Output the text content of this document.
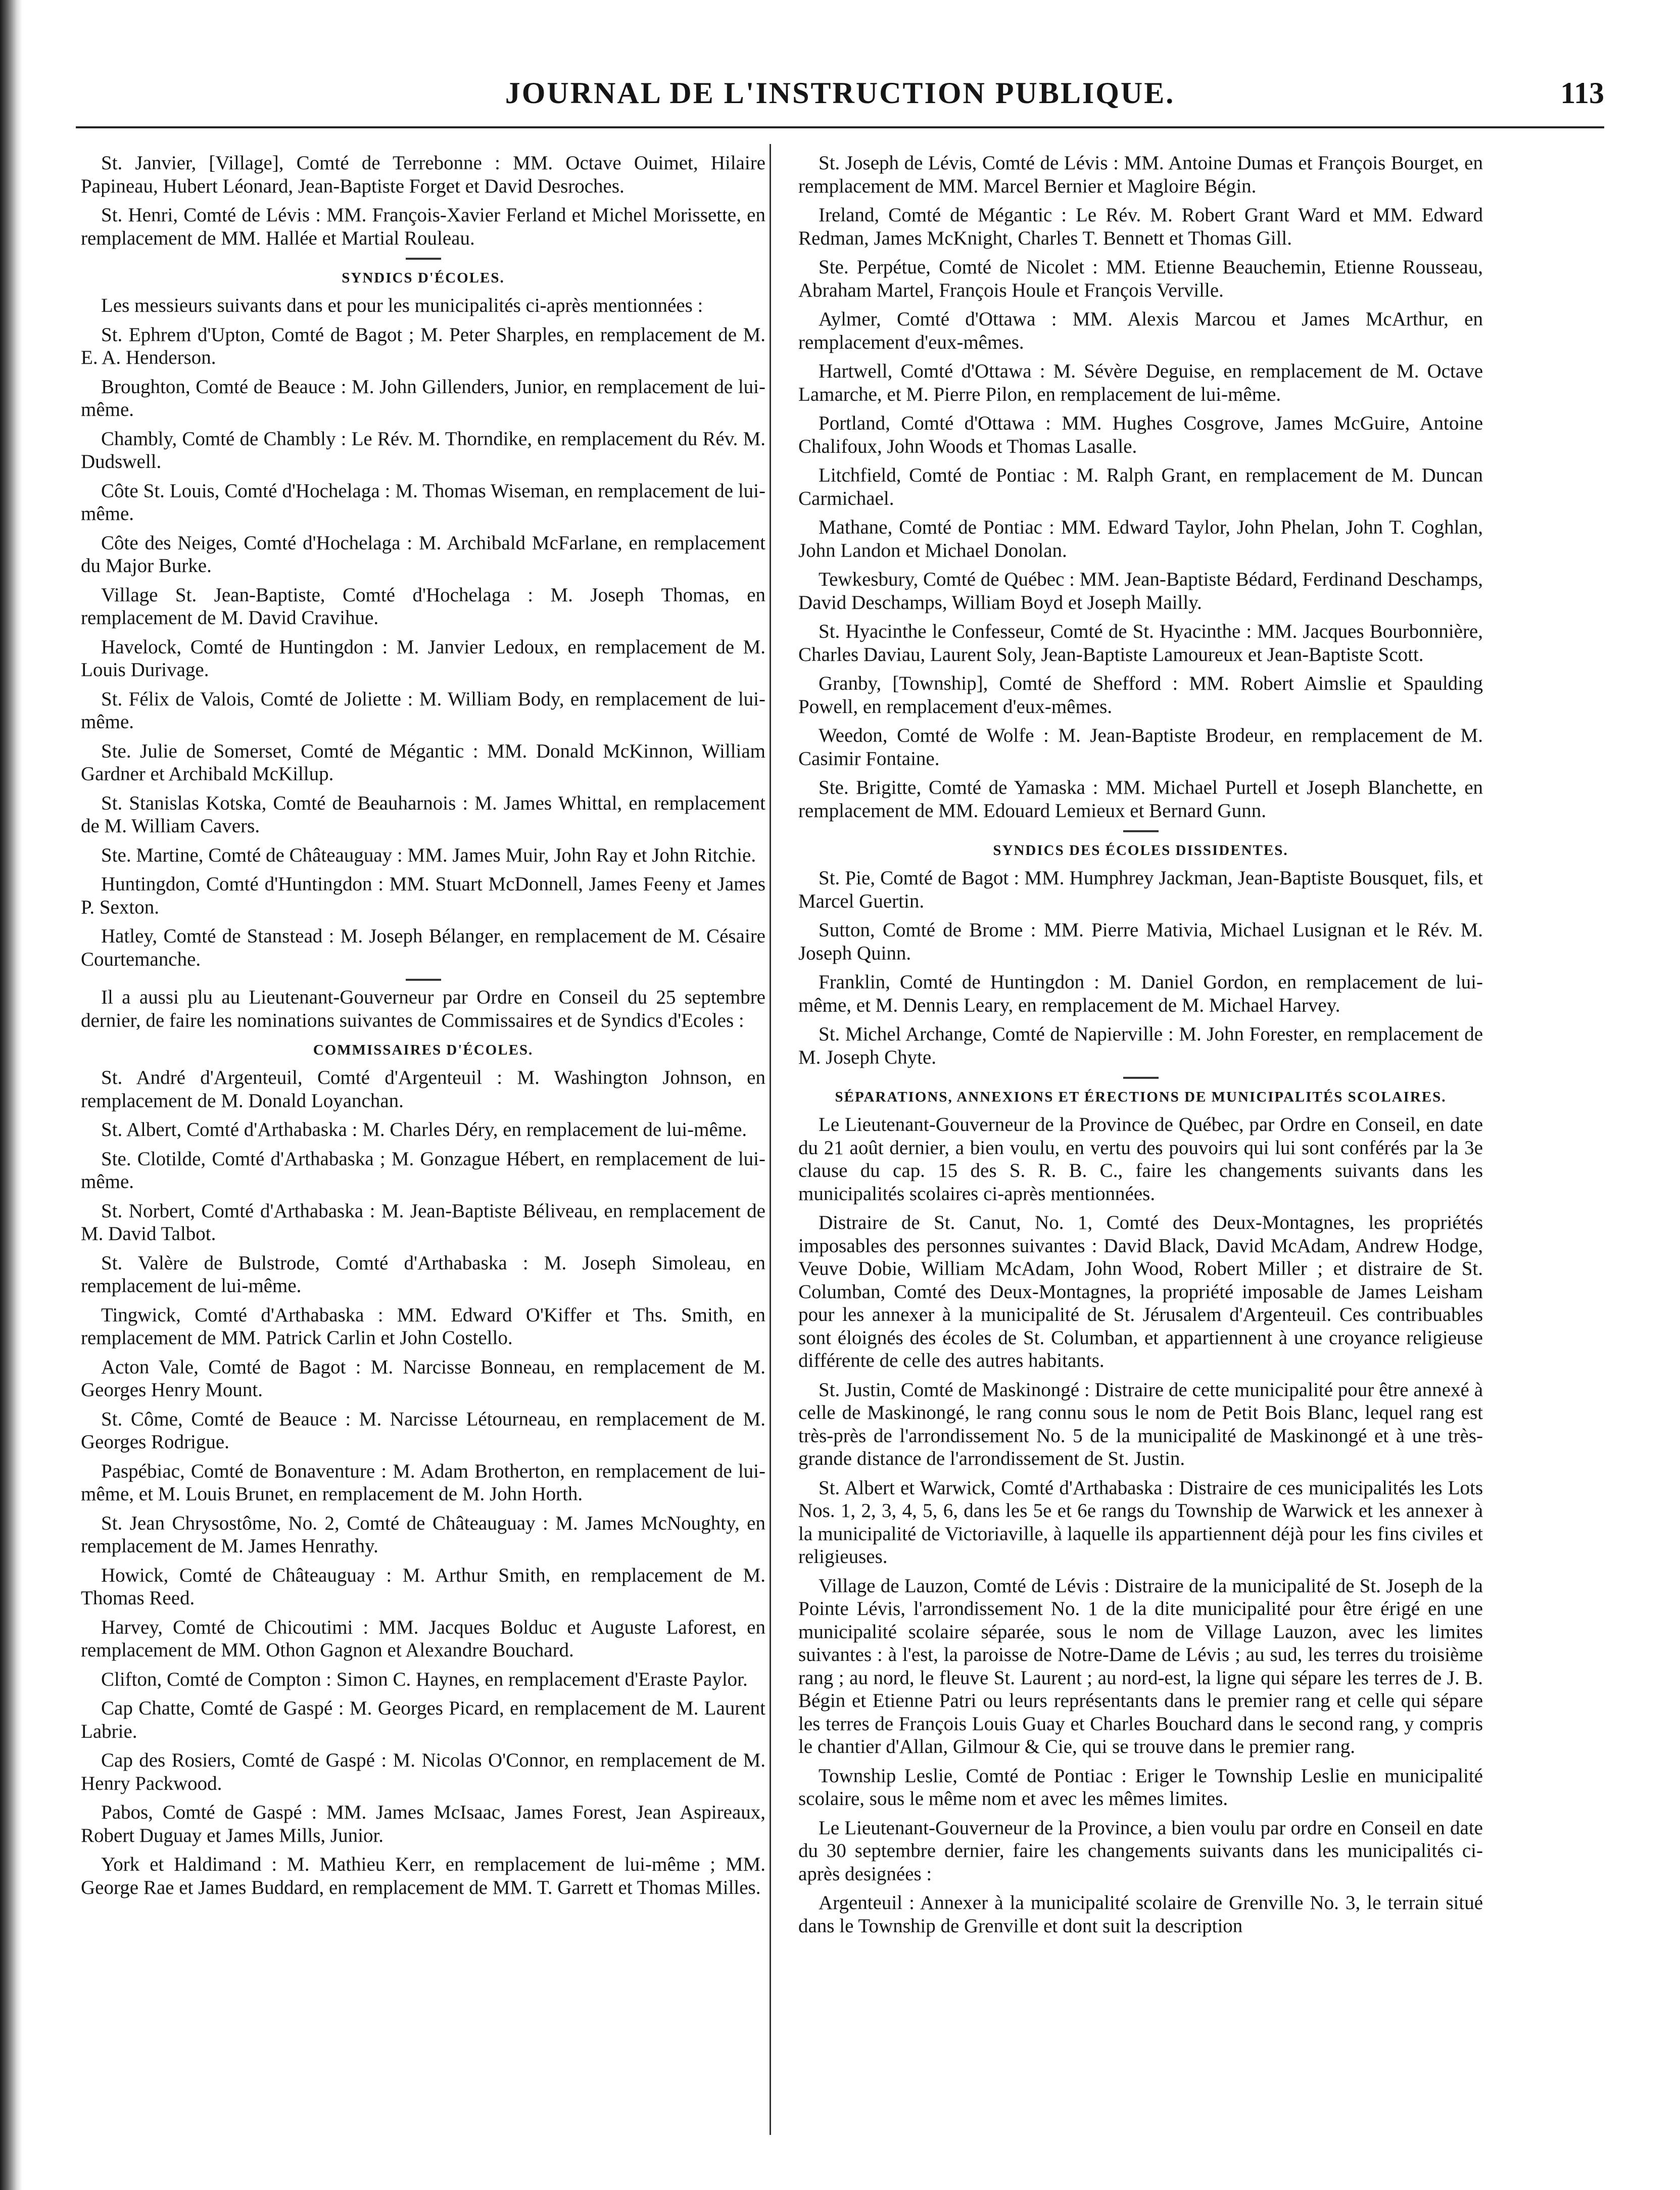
JOURNAL DE L'INSTRUCTION PUBLIQUE.	113

St. Janvier, [Village], Comté de Terrebonne : MM. Octave Ouimet, Hilaire Papineau, Hubert Léonard, Jean-Baptiste Forget et David Desroches.

St. Henri, Comté de Lévis : MM. François-Xavier Ferland et Michel Morissette, en remplacement de MM. Hallée et Martial Rouleau.

SYNDICS D'ÉCOLES.

Les messieurs suivants dans et pour les municipalités ci-après mentionnées :

St. Ephrem d'Upton, Comté de Bagot ; M. Peter Sharples, en remplacement de M. E. A. Henderson.

Broughton, Comté de Beauce : M. John Gillenders, Junior, en remplacement de lui-même.

Chambly, Comté de Chambly : Le Rév. M. Thorndike, en remplacement du Rév. M. Dudswell.

Côte St. Louis, Comté d'Hochelaga : M. Thomas Wiseman, en remplacement de lui-même.

Côte des Neiges, Comté d'Hochelaga : M. Archibald McFarlane, en remplacement du Major Burke.

Village St. Jean-Baptiste, Comté d'Hochelaga : M. Joseph Thomas, en remplacement de M. David Cravihue.

Havelock, Comté de Huntingdon : M. Janvier Ledoux, en remplacement de M. Louis Durivage.

St. Félix de Valois, Comté de Joliette : M. William Body, en remplacement de lui-même.

Ste. Julie de Somerset, Comté de Mégantic : MM. Donald McKinnon, William Gardner et Archibald McKillup.

St. Stanislas Kotska, Comté de Beauharnois : M. James Whittal, en remplacement de M. William Cavers.

Ste. Martine, Comté de Châteauguay : MM. James Muir, John Ray et John Ritchie.

Huntingdon, Comté d'Huntingdon : MM. Stuart McDonnell, James Feeny et James P. Sexton.

Hatley, Comté de Stanstead : M. Joseph Bélanger, en remplacement de M. Césaire Courtemanche.

Il a aussi plu au Lieutenant-Gouverneur par Ordre en Conseil du 25 septembre dernier, de faire les nominations suivantes de Commissaires et de Syndics d'Ecoles :

COMMISSAIRES D'ÉCOLES.

St. André d'Argenteuil, Comté d'Argenteuil : M. Washington Johnson, en remplacement de M. Donald Loyanchan.

St. Albert, Comté d'Arthabaska : M. Charles Déry, en remplacement de lui-même.

Ste. Clotilde, Comté d'Arthabaska ; M. Gonzague Hébert, en remplacement de lui-même.

St. Norbert, Comté d'Arthabaska : M. Jean-Baptiste Béliveau, en remplacement de M. David Talbot.

St. Valère de Bulstrode, Comté d'Arthabaska : M. Joseph Simoleau, en remplacement de lui-même.

Tingwick, Comté d'Arthabaska : MM. Edward O'Kiffer et Ths. Smith, en remplacement de MM. Patrick Carlin et John Costello.

Acton Vale, Comté de Bagot : M. Narcisse Bonneau, en remplacement de M. Georges Henry Mount.

St. Côme, Comté de Beauce : M. Narcisse Létourneau, en remplacement de M. Georges Rodrigue.

Paspébiac, Comté de Bonaventure : M. Adam Brotherton, en remplacement de lui-même, et M. Louis Brunet, en remplacement de M. John Horth.

St. Jean Chrysostôme, No. 2, Comté de Châteauguay : M. James McNoughty, en remplacement de M. James Henrathy.

Howick, Comté de Châteauguay : M. Arthur Smith, en remplacement de M. Thomas Reed.

Harvey, Comté de Chicoutimi : MM. Jacques Bolduc et Auguste Laforest, en remplacement de MM. Othon Gagnon et Alexandre Bouchard.

Clifton, Comté de Compton : Simon C. Haynes, en remplacement d'Eraste Paylor.

Cap Chatte, Comté de Gaspé : M. Georges Picard, en remplacement de M. Laurent Labrie.

Cap des Rosiers, Comté de Gaspé : M. Nicolas O'Connor, en remplacement de M. Henry Packwood.

Pabos, Comté de Gaspé : MM. James McIsaac, James Forest, Jean Aspireaux, Robert Duguay et James Mills, Junior.

York et Haldimand : M. Mathieu Kerr, en remplacement de lui-même ; MM. George Rae et James Buddard, en remplacement de MM. T. Garrett et Thomas Milles.

St. Joseph de Lévis, Comté de Lévis : MM. Antoine Dumas et François Bourget, en remplacement de MM. Marcel Bernier et Magloire Bégin.

Ireland, Comté de Mégantic : Le Rév. M. Robert Grant Ward et MM. Edward Redman, James McKnight, Charles T. Bennett et Thomas Gill.

Ste. Perpétue, Comté de Nicolet : MM. Etienne Beauchemin, Etienne Rousseau, Abraham Martel, François Houle et François Verville.

Aylmer, Comté d'Ottawa : MM. Alexis Marcou et James McArthur, en remplacement d'eux-mêmes.

Hartwell, Comté d'Ottawa : M. Sévère Deguise, en remplacement de M. Octave Lamarche, et M. Pierre Pilon, en remplacement de lui-même.

Portland, Comté d'Ottawa : MM. Hughes Cosgrove, James McGuire, Antoine Chalifoux, John Woods et Thomas Lasalle.

Litchfield, Comté de Pontiac : M. Ralph Grant, en remplacement de M. Duncan Carmichael.

Mathane, Comté de Pontiac : MM. Edward Taylor, John Phelan, John T. Coghlan, John Landon et Michael Donolan.

Tewkesbury, Comté de Québec : MM. Jean-Baptiste Bédard, Ferdinand Deschamps, David Deschamps, William Boyd et Joseph Mailly.

St. Hyacinthe le Confesseur, Comté de St. Hyacinthe : MM. Jacques Bourbonnière, Charles Daviau, Laurent Soly, Jean-Baptiste Lamoureux et Jean-Baptiste Scott.

Granby, [Township], Comté de Shefford : MM. Robert Aimslie et Spaulding Powell, en remplacement d'eux-mêmes.

Weedon, Comté de Wolfe : M. Jean-Baptiste Brodeur, en remplacement de M. Casimir Fontaine.

Ste. Brigitte, Comté de Yamaska : MM. Michael Purtell et Joseph Blanchette, en remplacement de MM. Edouard Lemieux et Bernard Gunn.

SYNDICS DES ÉCOLES DISSIDENTES.

St. Pie, Comté de Bagot : MM. Humphrey Jackman, Jean-Baptiste Bousquet, fils, et Marcel Guertin.

Sutton, Comté de Brome : MM. Pierre Mativia, Michael Lusignan et le Rév. M. Joseph Quinn.

Franklin, Comté de Huntingdon : M. Daniel Gordon, en remplacement de lui-même, et M. Dennis Leary, en remplacement de M. Michael Harvey.

St. Michel Archange, Comté de Napierville : M. John Forester, en remplacement de M. Joseph Chyte.

SÉPARATIONS, ANNEXIONS ET ÉRECTIONS DE MUNICIPALITÉS SCOLAIRES.

Le Lieutenant-Gouverneur de la Province de Québec, par Ordre en Conseil, en date du 21 août dernier, a bien voulu, en vertu des pouvoirs qui lui sont conférés par la 3e clause du cap. 15 des S. R. B. C., faire les changements suivants dans les municipalités scolaires ci-après mentionnées.

Distraire de St. Canut, No. 1, Comté des Deux-Montagnes, les propriétés imposables des personnes suivantes : David Black, David McAdam, Andrew Hodge, Veuve Dobie, William McAdam, John Wood, Robert Miller ; et distraire de St. Columban, Comté des Deux-Montagnes, la propriété imposable de James Leisham pour les annexer à la municipalité de St. Jérusalem d'Argenteuil. Ces contribuables sont éloignés des écoles de St. Columban, et appartiennent à une croyance religieuse différente de celle des autres habitants.

St. Justin, Comté de Maskinongé : Distraire de cette municipalité pour être annexé à celle de Maskinongé, le rang connu sous le nom de Petit Bois Blanc, lequel rang est très-près de l'arrondissement No. 5 de la municipalité de Maskinongé et à une très-grande distance de l'arrondissement de St. Justin.

St. Albert et Warwick, Comté d'Arthabaska : Distraire de ces municipalités les Lots Nos. 1, 2, 3, 4, 5, 6, dans les 5e et 6e rangs du Township de Warwick et les annexer à la municipalité de Victoriaville, à laquelle ils appartiennent déjà pour les fins civiles et religieuses.

Village de Lauzon, Comté de Lévis : Distraire de la municipalité de St. Joseph de la Pointe Lévis, l'arrondissement No. 1 de la dite municipalité pour être érigé en une municipalité scolaire séparée, sous le nom de Village Lauzon, avec les limites suivantes : à l'est, la paroisse de Notre-Dame de Lévis ; au sud, les terres du troisième rang ; au nord, le fleuve St. Laurent ; au nord-est, la ligne qui sépare les terres de J. B. Bégin et Etienne Patri ou leurs représentants dans le premier rang et celle qui sépare les terres de François Louis Guay et Charles Bouchard dans le second rang, y compris le chantier d'Allan, Gilmour & Cie, qui se trouve dans le premier rang.

Township Leslie, Comté de Pontiac : Eriger le Township Leslie en municipalité scolaire, sous le même nom et avec les mêmes limites.

Le Lieutenant-Gouverneur de la Province, a bien voulu par ordre en Conseil en date du 30 septembre dernier, faire les changements suivants dans les municipalités ci-après designées :

Argenteuil : Annexer à la municipalité scolaire de Grenville No. 3, le terrain situé dans le Township de Grenville et dont suit la description
